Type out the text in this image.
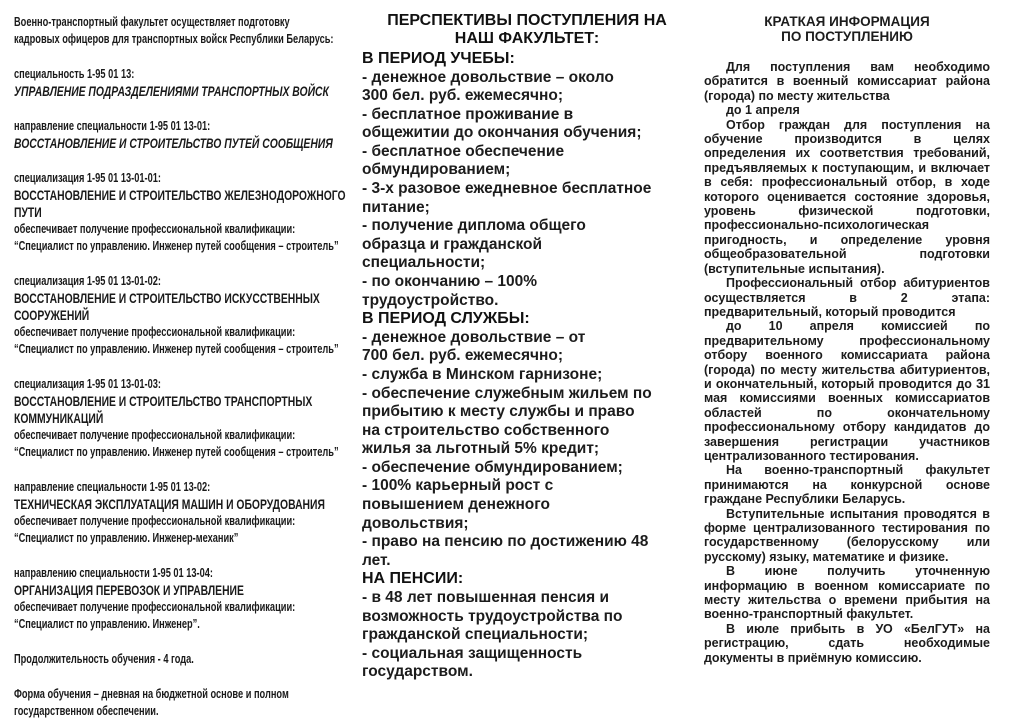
Военно-транспортный факультет осуществляет подготовку

кадровых офицеров для транспортных войск Республики Беларусь:

специальность 1-95 01 13:

УПРАВЛЕНИЕ ПОДРАЗДЕЛЕНИЯМИ ТРАНСПОРТНЫХ ВОЙСК

направление специальности 1-95 01 13-01:

ВОССТАНОВЛЕНИЕ И СТРОИТЕЛЬСТВО ПУТЕЙ СООБЩЕНИЯ

специализация 1-95 01 13-01-01:

ВОССТАНОВЛЕНИЕ И СТРОИТЕЛЬСТВО ЖЕЛЕЗНОДОРОЖНОГО ПУТИ

обеспечивает получение профессиональной квалификации:

“Специалист по управлению. Инженер путей сообщения – строитель”

специализация 1-95 01 13-01-02:

ВОССТАНОВЛЕНИЕ И СТРОИТЕЛЬСТВО ИСКУССТВЕННЫХ СООРУЖЕНИЙ

обеспечивает получение профессиональной квалификации:

“Специалист по управлению. Инженер путей сообщения – строитель”

специализация 1-95 01 13-01-03:

ВОССТАНОВЛЕНИЕ И СТРОИТЕЛЬСТВО ТРАНСПОРТНЫХ КОММУНИКАЦИЙ

обеспечивает получение профессиональной квалификации:

“Специалист по управлению. Инженер путей сообщения – строитель”

направление специальности 1-95 01 13-02:

ТЕХНИЧЕСКАЯ ЭКСПЛУАТАЦИЯ МАШИН И ОБОРУДОВАНИЯ

обеспечивает получение профессиональной квалификации:

“Специалист по управлению. Инженер-механик”

направлению специальности 1-95 01 13-04:

ОРГАНИЗАЦИЯ ПЕРЕВОЗОК И УПРАВЛЕНИЕ

обеспечивает получение профессиональной квалификации:

“Специалист по управлению. Инженер”.

Продолжительность обучения - 4 года.

Форма обучения – дневная на бюджетной основе и полном

государственном обеспечении.

ПЕРСПЕКТИВЫ ПОСТУПЛЕНИЯ НА
НАШ ФАКУЛЬТЕТ:

В ПЕРИОД УЧЕБЫ:

- денежное довольствие – около

300 бел. руб. ежемесячно;

- бесплатное проживание в

общежитии до окончания обучения;

- бесплатное обеспечение

обмундированием;

- 3-х разовое ежедневное бесплатное

питание;

- получение диплома общего

образца и гражданской

специальности;

- по окончанию – 100%

трудоустройство.

В ПЕРИОД СЛУЖБЫ:

- денежное довольствие – от

700 бел. руб. ежемесячно;

- служба в Минском гарнизоне;

- обеспечение служебным жильем по

прибытию к месту службы и право

на строительство собственного

жилья за льготный 5% кредит;

- обеспечение обмундированием;

- 100% карьерный рост с

повышением денежного

довольствия;

- право на пенсию по достижению 48

лет.

НА ПЕНСИИ:

- в 48 лет повышенная пенсия и

возможность трудоустройства по

гражданской специальности;

- социальная защищенность

государством.

КРАТКАЯ ИНФОРМАЦИЯ
ПО ПОСТУПЛЕНИЮ

Для поступления вам необходимо обратится в военный комиссариат района (города) по месту жительства

до 1 апреля

Отбор граждан для поступления на обучение производится в целях определения их соответствия требований, предъявляемых к поступающим, и включает в себя: профессиональный отбор, в ходе которого оценивается состояние здоровья, уровень физической подготовки, профессионально-психологическая пригодность, и определение уровня общеобразовательной подготовки (вступительные испытания).

Профессиональный отбор абитуриентов осуществляется в 2 этапа: предварительный, который проводится

до 10 апреля комиссией по предварительному профессиональному отбору военного комиссариата района (города) по месту жительства абитуриентов, и окончательный, который проводится до 31 мая комиссиями военных комиссариатов областей по окончательному профессиональному отбору кандидатов до завершения регистрации участников централизованного тестирования.

На военно-транспортный факультет принимаются на конкурсной основе граждане Республики Беларусь.

Вступительные испытания проводятся в форме централизованного тестирования по государственному (белорусскому или русскому) языку, математике и физике.

В июне получить уточненную информацию в военном комиссариате по месту жительства о времени прибытия на военно-транспортный факультет.

В июле прибыть в УО «БелГУТ» на регистрацию, сдать необходимые документы в приёмную комиссию.
